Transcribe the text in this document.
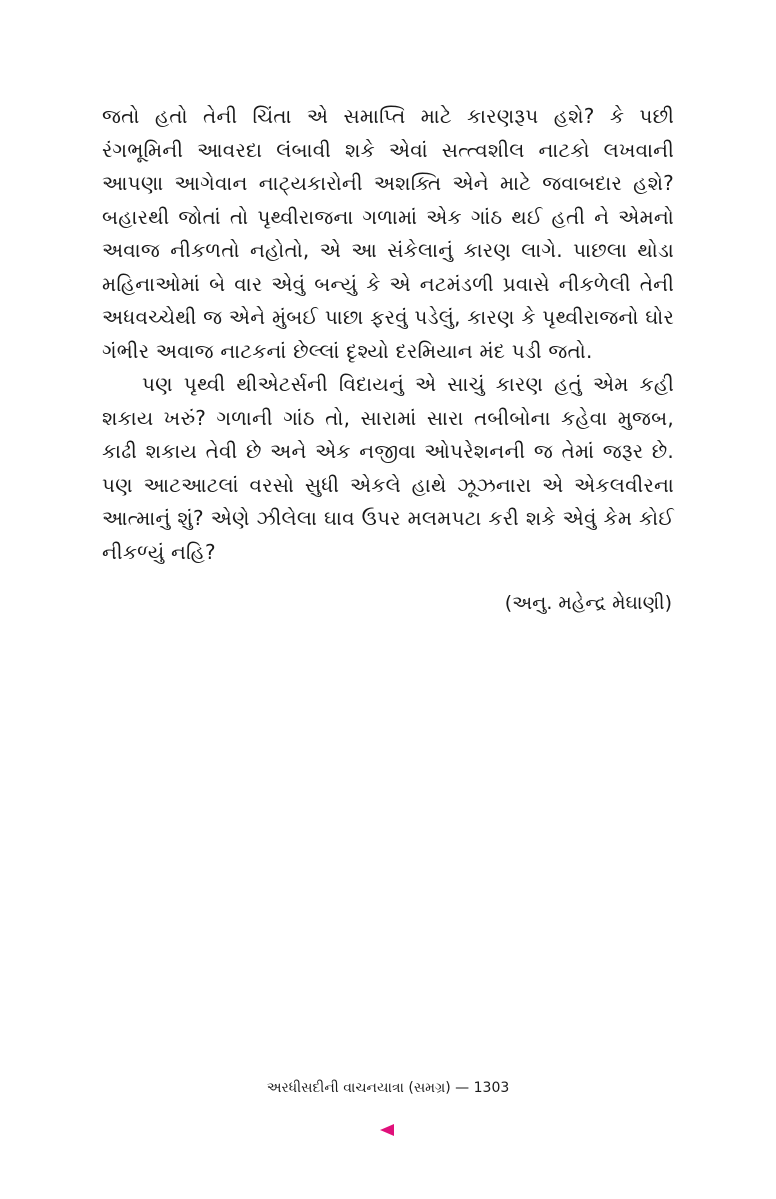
જતો હતો તેની ચિંતા એ સમાપ્તિ માટે કારણરૂપ હશે? કે પછી રંગભૂમિની આવરદા લંબાવી શકે એવાં સત્ત્વશીલ નાટકો લખવાની આપણા આગેવાન નાટ્યકારોની અશક્તિ એને માટે જવાબદાર હશે? બહારથી જોતાં તો પૃથ્વીરાજના ગળામાં એક ગાંઠ થઈ હતી ને એમનો અવાજ નીકળતો નહોતો, એ આ સંકેલાનું કારણ લાગે. પાછલા થોડા મહિનાઓમાં બે વાર એવું બન્યું કે એ નટમંડળી પ્રવાસે નીકળેલી તેની અધવચ્ચેથી જ એને મુંબઈ પાછા ફરવું પડેલું, કારણ કે પૃથ્વીરાજનો ઘોર ગંભીર અવાજ નાટકનાં છેલ્લાં દૃશ્યો દરમિયાન મંદ પડી જતો.

પણ પૃથ્વી થીએટર્સની વિદાયનું એ સાચું કારણ હતું એમ કહી શકાય ખરું? ગળાની ગાંઠ તો, સારામાં સારા તબીબોના કહેવા મુજબ, કાઢી શકાય તેવી છે અને એક નજીવા ઓપરેશનની જ તેમાં જરૂર છે. પણ આટઆટલાં વરસો સુધી એકલે હાથે ઝૂઝનારા એ એકલવીરના આત્માનું શું? એણે ઝીલેલા ઘાવ ઉપર મલમપટા કરી શકે એવું કેમ કોઈ નીકળ્યું નહિ?

(અનુ. મહેન્દ્ર મેઘાણી)
અરધીસદીની વાચનયાત્રા (સમગ્ર) — 1303
